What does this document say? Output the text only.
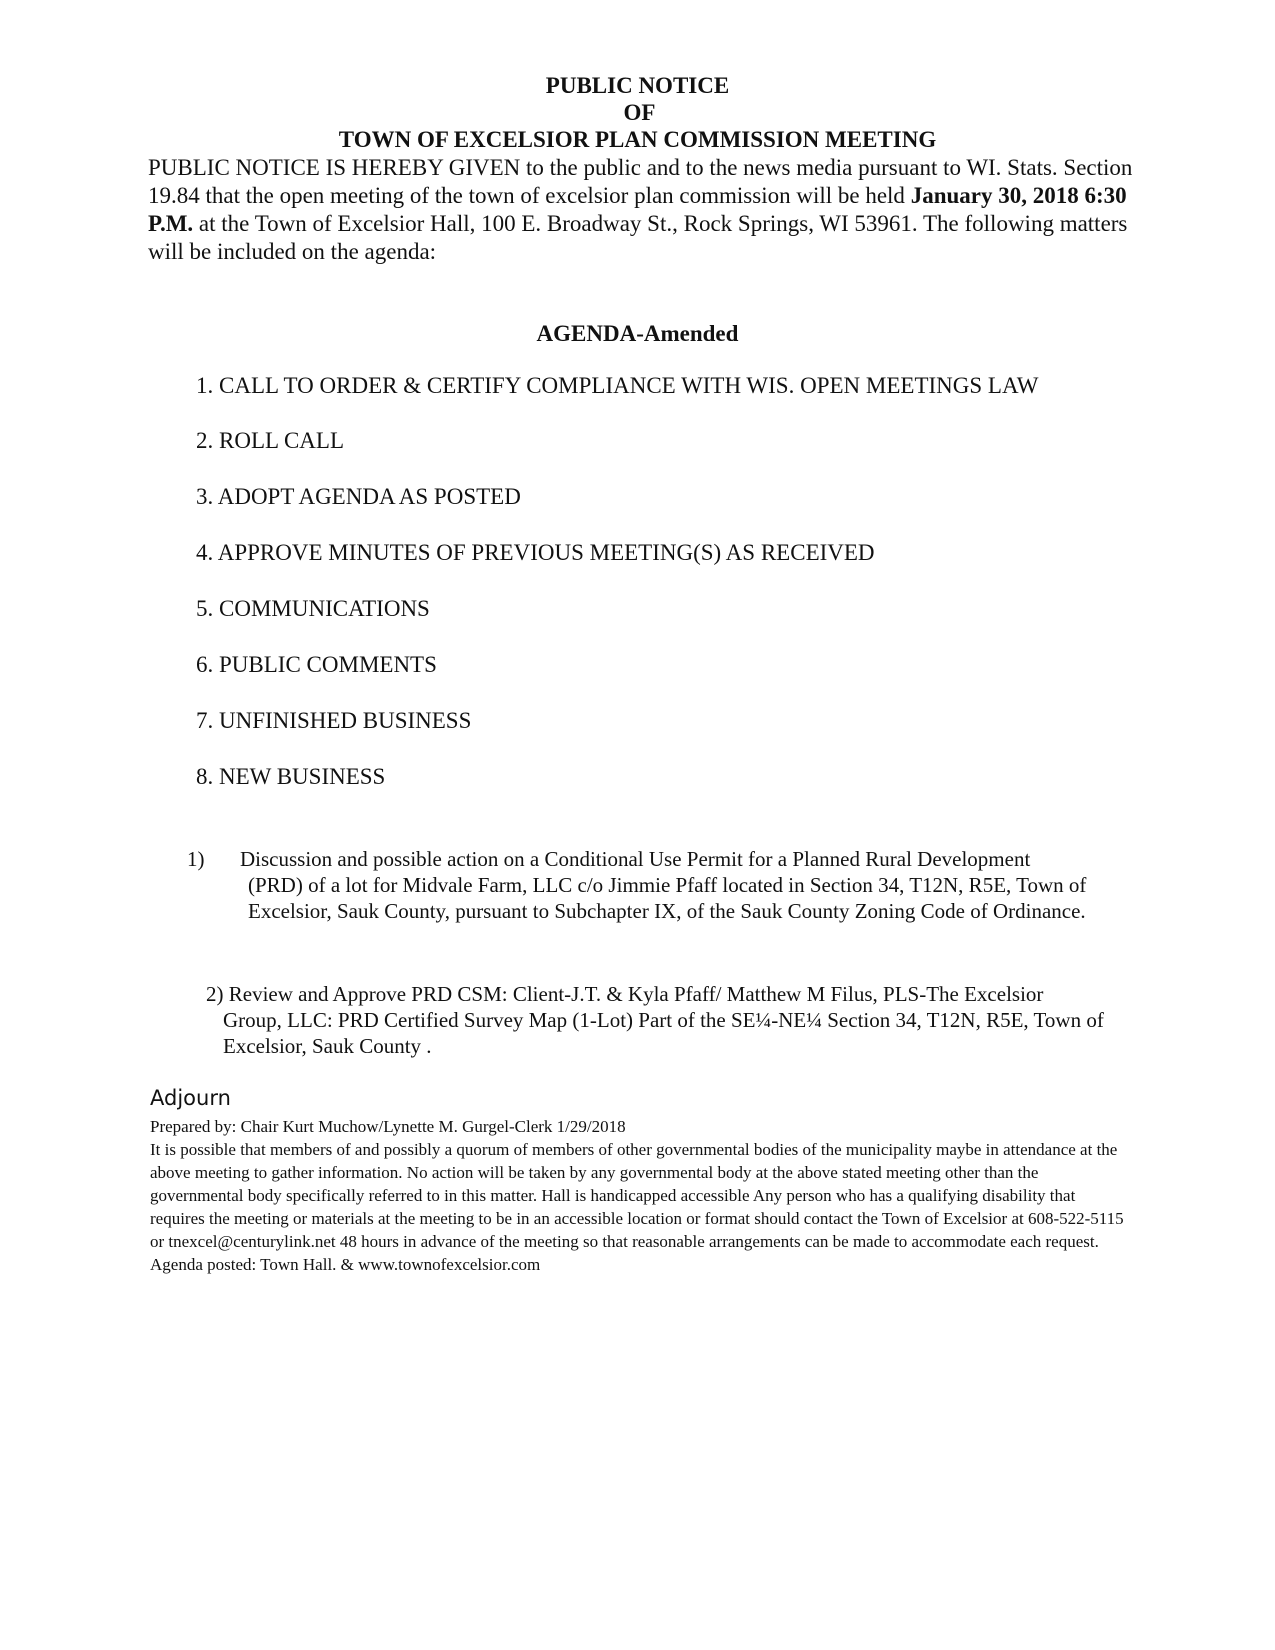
PUBLIC NOTICE

OF

TOWN OF EXCELSIOR PLAN COMMISSION MEETING

PUBLIC NOTICE IS HEREBY GIVEN to the public and to the news media pursuant to WI. Stats. Section 19.84 that the open meeting of the town of excelsior plan commission will be held January 30, 2018 6:30 P.M. at the Town of Excelsior Hall, 100 E. Broadway St., Rock Springs, WI 53961. The following matters will be included on the agenda:

AGENDA-Amended

1. CALL TO ORDER & CERTIFY COMPLIANCE WITH WIS. OPEN MEETINGS LAW

2. ROLL CALL

3. ADOPT AGENDA AS POSTED

4. APPROVE MINUTES OF PREVIOUS MEETING(S) AS RECEIVED

5. COMMUNICATIONS

6. PUBLIC COMMENTS

7. UNFINISHED BUSINESS

8. NEW BUSINESS

1) Discussion and possible action on a Conditional Use Permit for a Planned Rural Development
(PRD) of a lot for Midvale Farm, LLC c/o Jimmie Pfaff located in Section 34, T12N, R5E, Town of Excelsior, Sauk County, pursuant to Subchapter IX, of the Sauk County Zoning Code of Ordinance.
2) Review and Approve PRD CSM: Client-J.T. & Kyla Pfaff/ Matthew M Filus, PLS-The Excelsior
Group, LLC: PRD Certified Survey Map (1-Lot) Part of the SE¼-NE¼ Section 34, T12N, R5E, Town of Excelsior, Sauk County .

Adjourn

Prepared by: Chair Kurt Muchow/Lynette M. Gurgel-Clerk 1/29/2018

It is possible that members of and possibly a quorum of members of other governmental bodies of the municipality maybe in attendance at the above meeting to gather information. No action will be taken by any governmental body at the above stated meeting other than the governmental body specifically referred to in this matter. Hall is handicapped accessible Any person who has a qualifying disability that requires the meeting or materials at the meeting to be in an accessible location or format should contact the Town of Excelsior at 608-522-5115 or tnexcel@centurylink.net 48 hours in advance of the meeting so that reasonable arrangements can be made to accommodate each request. Agenda posted: Town Hall. & www.townofexcelsior.com
